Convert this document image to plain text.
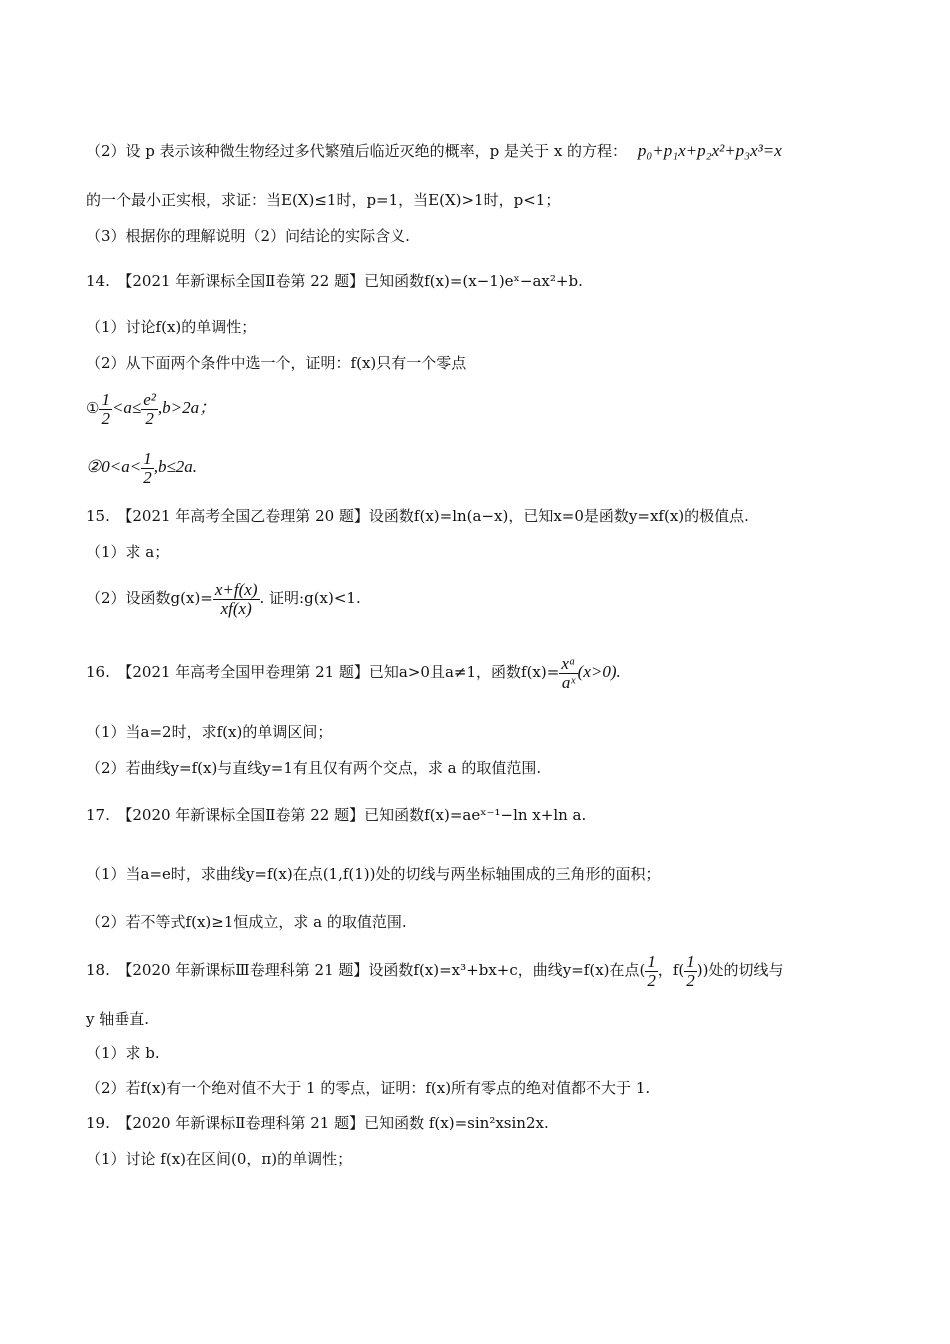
（2）设 p 表示该种微生物经过多代繁殖后临近灭绝的概率，p 是关于 x 的方程： p₀+p₁x+p₂x²+p₃x³=x
的一个最小正实根，求证：当E(X)≤1时，p=1，当E(X)>1时，p<1；
（3）根据你的理解说明（2）问结论的实际含义.
14.　【2021 年新课标全国Ⅱ卷第 22 题】已知函数f(x)=(x−1)eˣ−ax²+b.
（1）讨论f(x)的单调性；
（2）从下面两个条件中选一个，证明：f(x)只有一个零点
① $\frac{1}{2} <a\le \frac{\text{e²}}{2} ,b>2a$；
②0<a< $\frac{1}{2} ,b\le 2a$.
15.　【2021 年高考全国乙卷理第 20 题】设函数f(x)=ln(a−x)，已知x=0是函数y=xf(x)的极值点.
（1）求 a；
（2）设函数$g(x)= \frac{x+f(x)}{xf(x)}$ . 证明:g(x)<1.
16.　【2021 年高考全国甲卷理第 21 题】已知a>0且a≠1，函数$f(x)= \frac{\text{xᵃ}}{\text{aˣ}} (x>0)$.
（1）当a=2时，求f(x)的单调区间；
（2）若曲线y=f(x)与直线y=1有且仅有两个交点，求 a 的取值范围.
17.　【2020 年新课标全国Ⅱ卷第 22 题】已知函数f(x)=aeˣ⁻¹−ln x+ln a.
（1）当a=e时，求曲线y=f(x)在点(1,f(1))处的切线与两坐标轴围成的三角形的面积；
（2）若不等式f(x)≥1恒成立，求 a 的取值范围.
18.　【2020 年新课标Ⅲ卷理科第 21 题】设函数f(x)=x³+bx+c，曲线y=f(x)在点( $\frac{1}{2}$ ，$f( \frac{1}{2}$ ))处的切线与
y 轴垂直.
（1）求 b.
（2）若f(x)有一个绝对值不大于 1 的零点，证明：f(x)所有零点的绝对值都不大于 1.
19.　【2020 年新课标Ⅱ卷理科第 21 题】已知函数 f(x)=sin²xsin2x.
（1）讨论 f(x)在区间(0，π)的单调性；
